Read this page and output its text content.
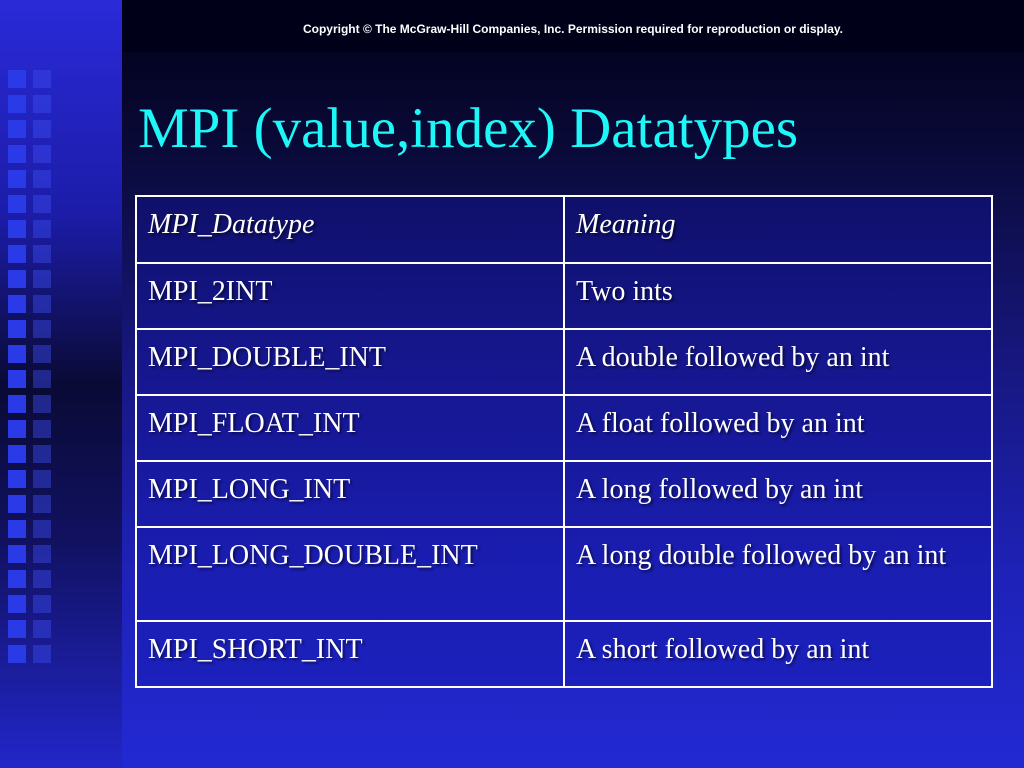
Copyright © The McGraw-Hill Companies, Inc. Permission required for reproduction or display.

MPI (value,index) Datatypes
MPI_Datatype	Meaning
MPI_2INT	Two ints
MPI_DOUBLE_INT	A double followed by an int
MPI_FLOAT_INT	A float followed by an int
MPI_LONG_INT	A long followed by an int
MPI_LONG_DOUBLE_INT	A long double followed by an int
MPI_SHORT_INT	A short followed by an int
